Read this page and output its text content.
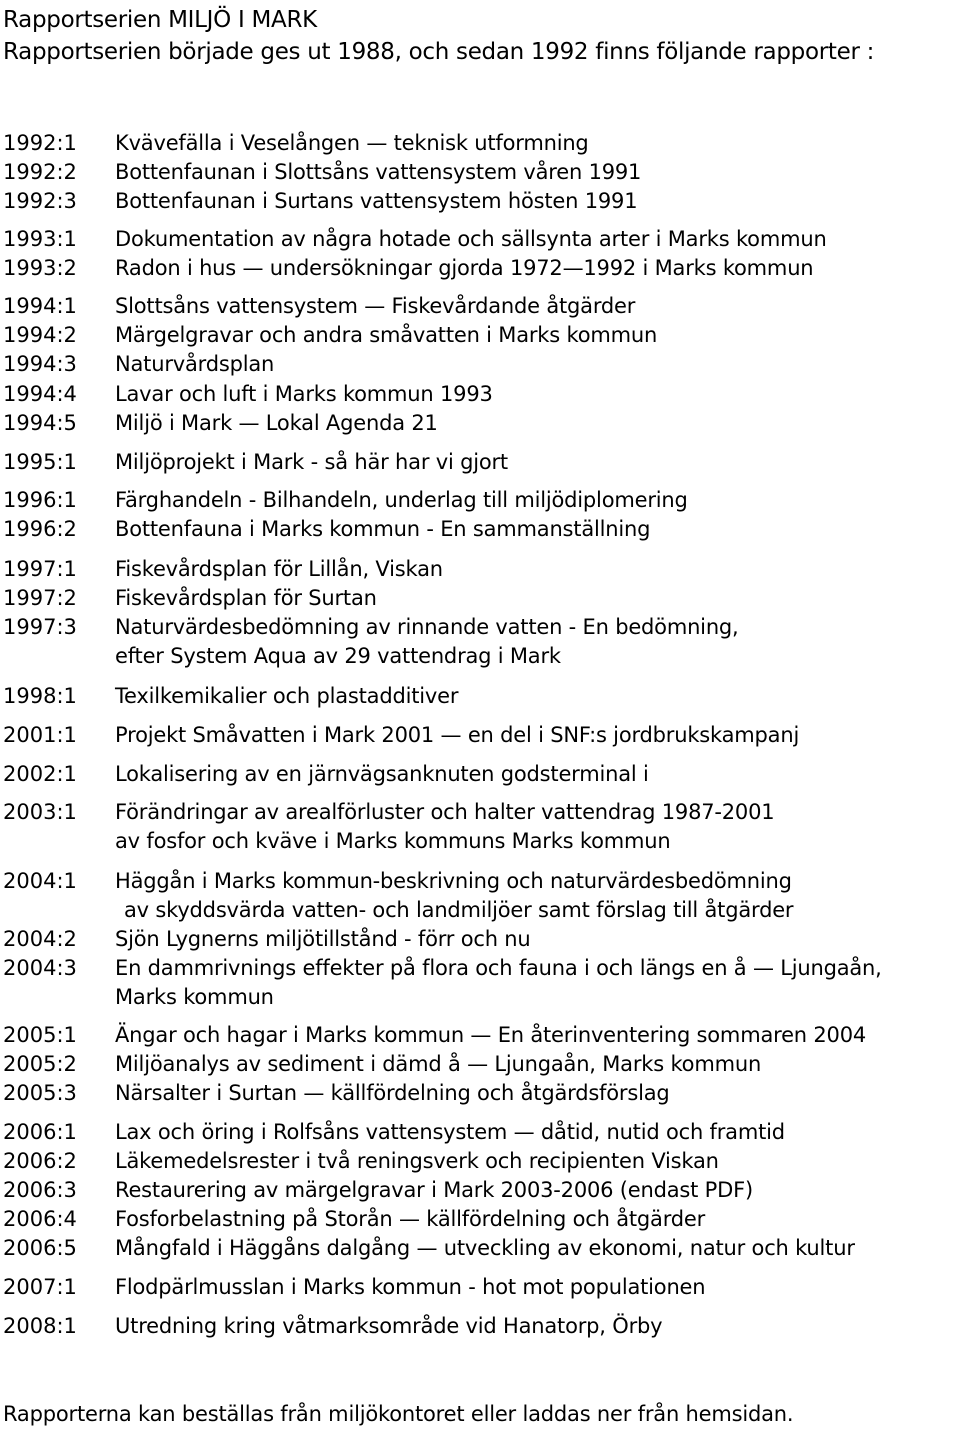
Rapportserien MILJÖ I MARK
Rapportserien började ges ut 1988, och sedan 1992 finns följande rapporter :
1992:1 Kvävefälla i Veselången — teknisk utformning
1992:2 Bottenfaunan i Slottsåns vattensystem våren 1991
1992:3 Bottenfaunan i Surtans vattensystem hösten 1991
1993:1 Dokumentation av några hotade och sällsynta arter i Marks kommun
1993:2 Radon i hus — undersökningar gjorda 1972—1992 i Marks kommun
1994:1 Slottsåns vattensystem — Fiskevårdande åtgärder
1994:2 Märgelgravar och andra småvatten i Marks kommun
1994:3 Naturvårdsplan
1994:4 Lavar och luft i Marks kommun 1993
1994:5 Miljö i Mark — Lokal Agenda 21
1995:1 Miljöprojekt i Mark - så här har vi gjort
1996:1 Färghandeln - Bilhandeln, underlag till miljödiplomering
1996:2 Bottenfauna i Marks kommun - En sammanställning
1997:1 Fiskevårdsplan för Lillån, Viskan
1997:2 Fiskevårdsplan för Surtan
1997:3 Naturvärdesbedömning av rinnande vatten - En bedömning,
efter System Aqua av 29 vattendrag i Mark
1998:1 Texilkemikalier och plastadditiver
2001:1 Projekt Småvatten i Mark 2001 — en del i SNF:s jordbrukskampanj
2002:1 Lokalisering av en järnvägsanknuten godsterminal i
2003:1 Förändringar av arealförluster och halter vattendrag 1987-2001
av fosfor och kväve i Marks kommuns Marks kommun
2004:1 Häggån i Marks kommun-beskrivning och naturvärdesbedömning
av skyddsvärda vatten- och landmiljöer samt förslag till åtgärder
2004:2 Sjön Lygnerns miljötillstånd - förr och nu
2004:3 En dammrivnings effekter på flora och fauna i och längs en å — Ljungaån,
Marks kommun
2005:1 Ängar och hagar i Marks kommun — En återinventering sommaren 2004
2005:2 Miljöanalys av sediment i dämd å — Ljungaån, Marks kommun
2005:3 Närsalter i Surtan — källfördelning och åtgärdsförslag
2006:1 Lax och öring i Rolfsåns vattensystem — dåtid, nutid och framtid
2006:2 Läkemedelsrester i två reningsverk och recipienten Viskan
2006:3 Restaurering av märgelgravar i Mark 2003-2006 (endast PDF)
2006:4 Fosforbelastning på Storån — källfördelning och åtgärder
2006:5 Mångfald i Häggåns dalgång — utveckling av ekonomi, natur och kultur
2007:1 Flodpärlmusslan i Marks kommun - hot mot populationen
2008:1 Utredning kring våtmarksområde vid Hanatorp, Örby
Rapporterna kan beställas från miljökontoret eller laddas ner från hemsidan.
